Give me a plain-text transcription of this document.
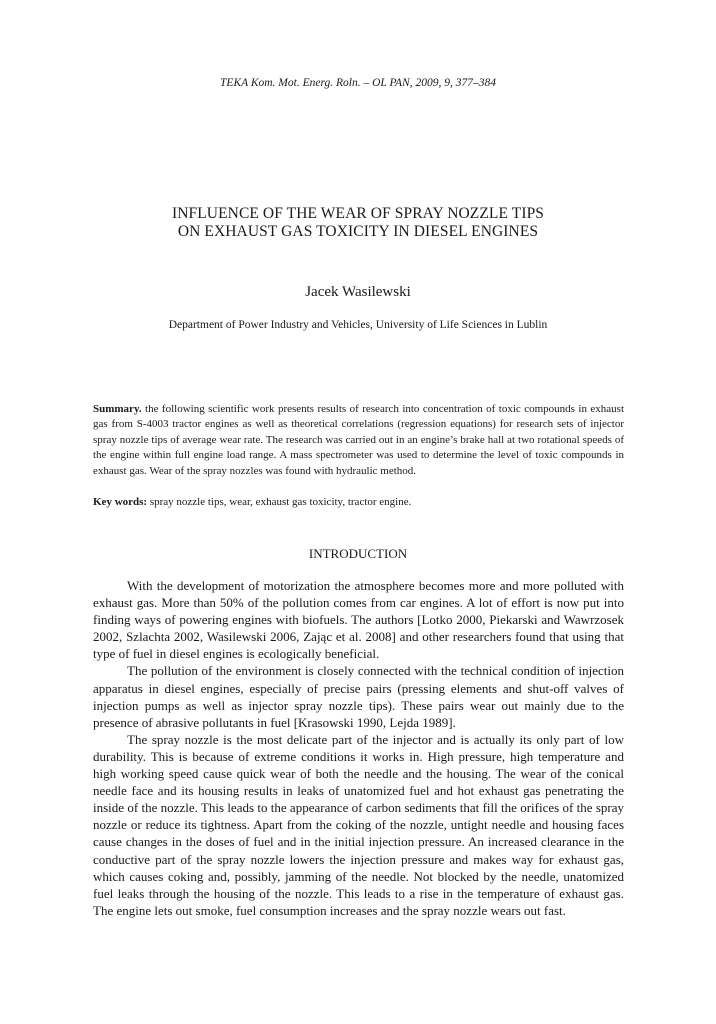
TEKA Kom. Mot. Energ. Roln. – OL PAN, 2009, 9, 377–384
INFLUENCE OF THE WEAR OF SPRAY NOZZLE TIPS
ON EXHAUST GAS TOXICITY IN DIESEL ENGINES
Jacek Wasilewski
Department of Power Industry and Vehicles, University of Life Sciences in Lublin
Summary. the following scientific work presents results of research into concentration of toxic compounds in exhaust gas from S-4003 tractor engines as well as theoretical correlations (regression equations) for research sets of injector spray nozzle tips of average wear rate. The research was carried out in an engine’s brake hall at two rotational speeds of the engine within full engine load range. A mass spectrometer was used to determine the level of toxic compounds in exhaust gas. Wear of the spray nozzles was found with hydraulic method.
Key words: spray nozzle tips, wear, exhaust gas toxicity, tractor engine.
INTRODUCTION

With the development of motorization the atmosphere becomes more and more polluted with exhaust gas. More than 50% of the pollution comes from car engines. A lot of effort is now put into finding ways of powering engines with biofuels. The authors [Lotko 2000, Piekarski and Wawrzosek 2002, Szlachta 2002, Wasilewski 2006, Zając et al. 2008] and other researchers found that using that type of fuel in diesel engines is ecologically beneficial.

The pollution of the environment is closely connected with the technical condition of injection apparatus in diesel engines, especially of precise pairs (pressing elements and shut-off valves of injection pumps as well as injector spray nozzle tips). These pairs wear out mainly due to the presence of abrasive pollutants in fuel [Krasowski 1990, Lejda 1989].

The spray nozzle is the most delicate part of the injector and is actually its only part of low durability. This is because of extreme conditions it works in. High pressure, high temperature and high working speed cause quick wear of both the needle and the housing. The wear of the conical needle face and its housing results in leaks of unatomized fuel and hot exhaust gas penetrating the inside of the nozzle. This leads to the appearance of carbon sediments that fill the orifices of the spray nozzle or reduce its tightness. Apart from the coking of the nozzle, untight needle and housing faces cause changes in the doses of fuel and in the initial injection pressure. An increased clearance in the conductive part of the spray nozzle lowers the injection pressure and makes way for exhaust gas, which causes coking and, possibly, jamming of the needle. Not blocked by the needle, unatomized fuel leaks through the housing of the nozzle. This leads to a rise in the temperature of exhaust gas. The engine lets out smoke, fuel consumption increases and the spray nozzle wears out fast.
